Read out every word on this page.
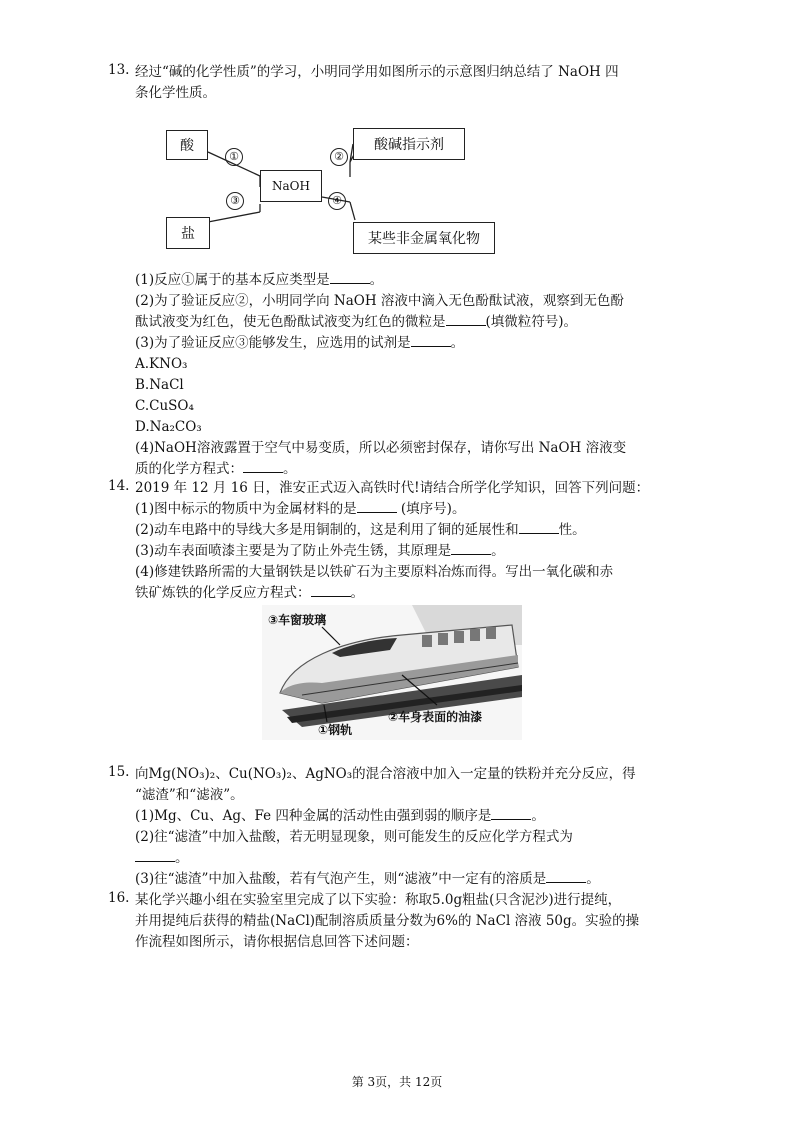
13. 经过“碱的化学性质”的学习，小明同学用如图所示的示意图归纳总结了 NaOH 四
条化学性质。
酸	酸碱指示剂
NaOH
盐	某些非金属氧化物
①	②
③	④
(1)反应①属于的基本反应类型是	。
(2)为了验证反应②，小明同学向 NaOH 溶液中滴入无色酚酞试液，观察到无色酚
酞试液变为红色，使无色酚酞试液变为红色的微粒是	(填微粒符号)。
(3)为了验证反应③能够发生，应选用的试剂是	。
A.KNO₃
B.NaCl
C.CuSO₄
D.Na₂CO₃
(4)NaOH溶液露置于空气中易变质，所以必须密封保存，请你写出 NaOH 溶液变
质的化学方程式：	。
14. 2019 年 12 月 16 日，淮安正式迈入高铁时代!请结合所学化学知识，回答下列问题：
(1)图中标示的物质中为金属材料的是	(填序号)。
(2)动车电路中的导线大多是用铜制的，这是利用了铜的延展性和	性。
(3)动车表面喷漆主要是为了防止外壳生锈，其原理是	。
(4)修建铁路所需的大量钢铁是以铁矿石为主要原料冶炼而得。写出一氧化碳和赤
铁矿炼铁的化学反应方程式：	。
③车窗玻璃
①钢轨
②车身表面的油漆
15. 向Mg(NO₃)₂、Cu(NO₃)₂、AgNO₃的混合溶液中加入一定量的铁粉并充分反应，得
“滤渣”和“滤液”。
(1)Mg、Cu、Ag、Fe 四种金属的活动性由强到弱的顺序是	。
(2)往“滤渣”中加入盐酸，若无明显现象，则可能发生的反应化学方程式为
。
(3)往“滤渣”中加入盐酸，若有气泡产生，则“滤液”中一定有的溶质是	。
16. 某化学兴趣小组在实验室里完成了以下实验：称取5.0g粗盐(只含泥沙)进行提纯，
并用提纯后获得的精盐(NaCl)配制溶质质量分数为6%的 NaCl 溶液 50g。实验的操
作流程如图所示，请你根据信息回答下述问题：
第 3页，共 12页
